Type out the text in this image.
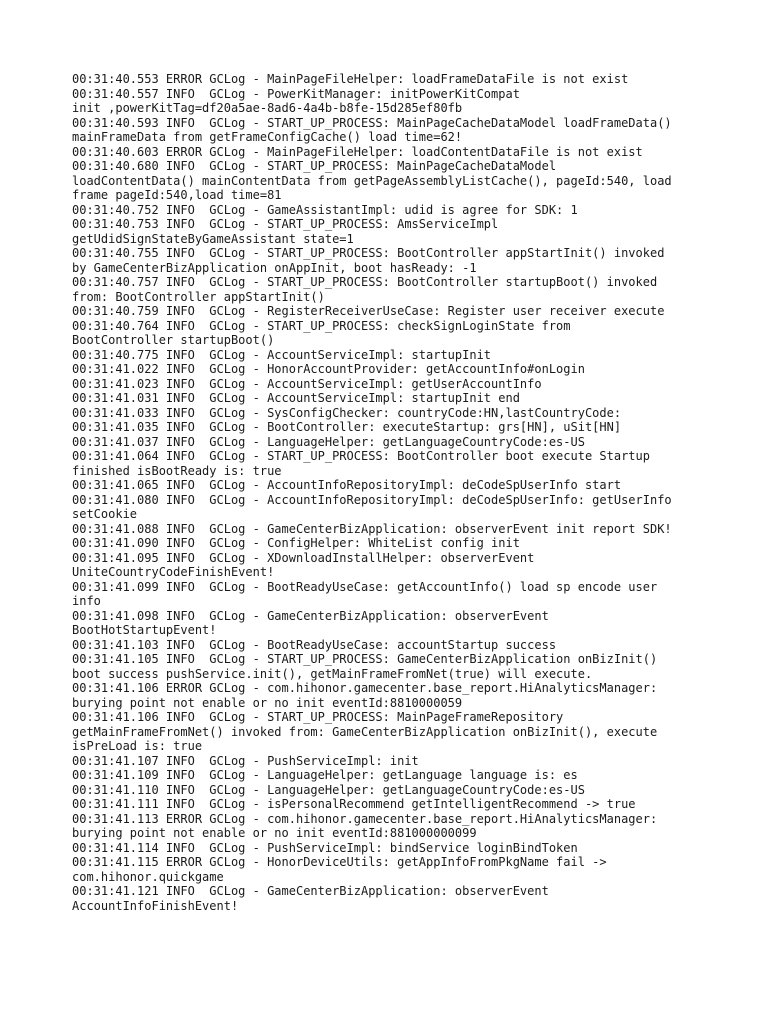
00:31:40.553 ERROR GCLog - MainPageFileHelper: loadFrameDataFile is not exist
00:31:40.557 INFO  GCLog - PowerKitManager: initPowerKitCompat
init ,powerKitTag=df20a5ae-8ad6-4a4b-b8fe-15d285ef80fb
00:31:40.593 INFO  GCLog - START_UP_PROCESS: MainPageCacheDataModel loadFrameData()
mainFrameData from getFrameConfigCache() load time=62!
00:31:40.603 ERROR GCLog - MainPageFileHelper: loadContentDataFile is not exist
00:31:40.680 INFO  GCLog - START_UP_PROCESS: MainPageCacheDataModel
loadContentData() mainContentData from getPageAssemblyListCache(), pageId:540, load
frame pageId:540,load time=81
00:31:40.752 INFO  GCLog - GameAssistantImpl: udid is agree for SDK: 1
00:31:40.753 INFO  GCLog - START_UP_PROCESS: AmsServiceImpl
getUdidSignStateByGameAssistant state=1
00:31:40.755 INFO  GCLog - START_UP_PROCESS: BootController appStartInit() invoked
by GameCenterBizApplication onAppInit, boot hasReady: -1
00:31:40.757 INFO  GCLog - START_UP_PROCESS: BootController startupBoot() invoked
from: BootController appStartInit()
00:31:40.759 INFO  GCLog - RegisterReceiverUseCase: Register user receiver execute
00:31:40.764 INFO  GCLog - START_UP_PROCESS: checkSignLoginState from
BootController startupBoot()
00:31:40.775 INFO  GCLog - AccountServiceImpl: startupInit
00:31:41.022 INFO  GCLog - HonorAccountProvider: getAccountInfo#onLogin
00:31:41.023 INFO  GCLog - AccountServiceImpl: getUserAccountInfo
00:31:41.031 INFO  GCLog - AccountServiceImpl: startupInit end
00:31:41.033 INFO  GCLog - SysConfigChecker: countryCode:HN,lastCountryCode:
00:31:41.035 INFO  GCLog - BootController: executeStartup: grs[HN], uSit[HN]
00:31:41.037 INFO  GCLog - LanguageHelper: getLanguageCountryCode:es-US
00:31:41.064 INFO  GCLog - START_UP_PROCESS: BootController boot execute Startup
finished isBootReady is: true
00:31:41.065 INFO  GCLog - AccountInfoRepositoryImpl: deCodeSpUserInfo start
00:31:41.080 INFO  GCLog - AccountInfoRepositoryImpl: deCodeSpUserInfo: getUserInfo
setCookie
00:31:41.088 INFO  GCLog - GameCenterBizApplication: observerEvent init report SDK!
00:31:41.090 INFO  GCLog - ConfigHelper: WhiteList config init
00:31:41.095 INFO  GCLog - XDownloadInstallHelper: observerEvent
UniteCountryCodeFinishEvent!
00:31:41.099 INFO  GCLog - BootReadyUseCase: getAccountInfo() load sp encode user
info
00:31:41.098 INFO  GCLog - GameCenterBizApplication: observerEvent
BootHotStartupEvent!
00:31:41.103 INFO  GCLog - BootReadyUseCase: accountStartup success
00:31:41.105 INFO  GCLog - START_UP_PROCESS: GameCenterBizApplication onBizInit()
boot success pushService.init(), getMainFrameFromNet(true) will execute.
00:31:41.106 ERROR GCLog - com.hihonor.gamecenter.base_report.HiAnalyticsManager:
burying point not enable or no init eventId:8810000059
00:31:41.106 INFO  GCLog - START_UP_PROCESS: MainPageFrameRepository
getMainFrameFromNet() invoked from: GameCenterBizApplication onBizInit(), execute
isPreLoad is: true
00:31:41.107 INFO  GCLog - PushServiceImpl: init
00:31:41.109 INFO  GCLog - LanguageHelper: getLanguage language is: es
00:31:41.110 INFO  GCLog - LanguageHelper: getLanguageCountryCode:es-US
00:31:41.111 INFO  GCLog - isPersonalRecommend getIntelligentRecommend -> true
00:31:41.113 ERROR GCLog - com.hihonor.gamecenter.base_report.HiAnalyticsManager:
burying point not enable or no init eventId:881000000099
00:31:41.114 INFO  GCLog - PushServiceImpl: bindService loginBindToken
00:31:41.115 ERROR GCLog - HonorDeviceUtils: getAppInfoFromPkgName fail ->
com.hihonor.quickgame
00:31:41.121 INFO  GCLog - GameCenterBizApplication: observerEvent
AccountInfoFinishEvent!
